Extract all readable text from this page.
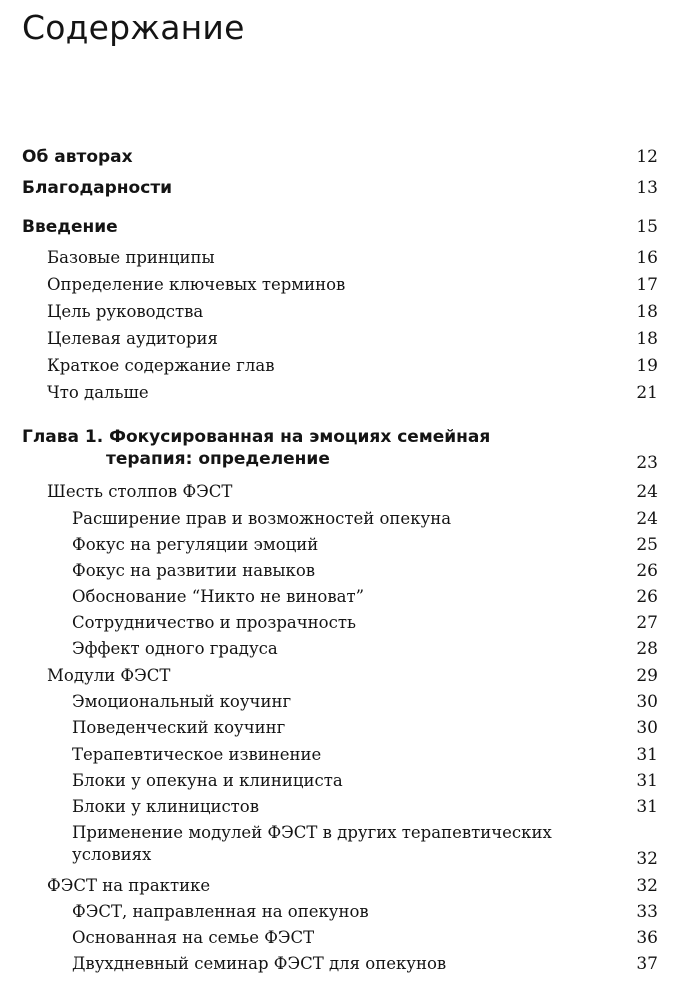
Содержание
Об авторах	12
Благодарности	13
Введение	15
Базовые принципы	16
Определение ключевых терминов	17
Цель руководства	18
Целевая аудитория	18
Краткое содержание глав	19
Что дальше	21
Глава 1. Фокусированная на эмоциях семейная
терапия: определение	23
Шесть столпов ФЭСТ	24
Расширение прав и возможностей опекуна	24
Фокус на регуляции эмоций	25
Фокус на развитии навыков	26
Обоснование “Никто не виноват”	26
Сотрудничество и прозрачность	27
Эффект одного градуса	28
Модули ФЭСТ	29
Эмоциональный коучинг	30
Поведенческий коучинг	30
Терапевтическое извинение	31
Блоки у опекуна и клинициста	31
Блоки у клиницистов	31
Применение модулей ФЭСТ в других терапевтических
условиях	32
ФЭСТ на практике	32
ФЭСТ, направленная на опекунов	33
Основанная на семье ФЭСТ	36
Двухдневный семинар ФЭСТ для опекунов	37
